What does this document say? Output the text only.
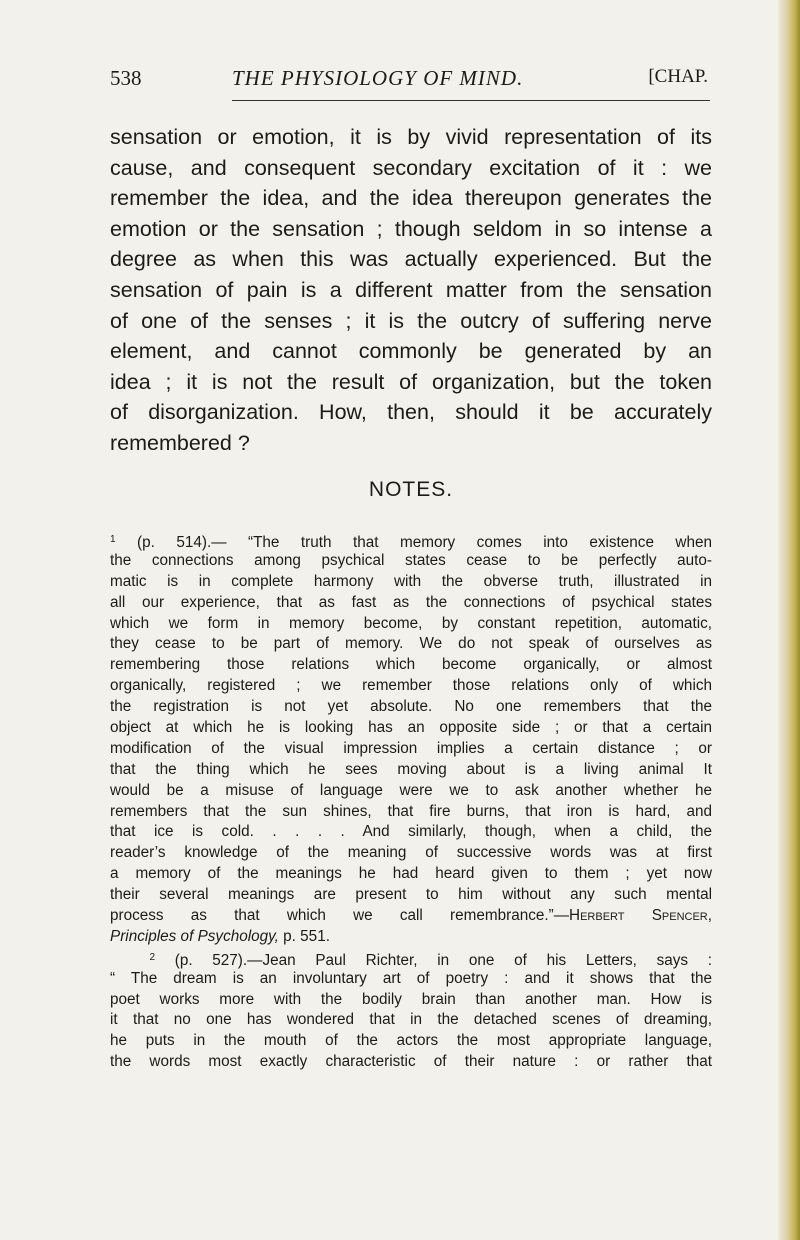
538	THE PHYSIOLOGY OF MIND.	[CHAP.
sensation or emotion, it is by vivid representation of its
cause, and consequent secondary excitation of it : we
remember the idea, and the idea thereupon generates the
emotion or the sensation ; though seldom in so intense a
degree as when this was actually experienced. But the
sensation of pain is a different matter from the sensation
of one of the senses ; it is the outcry of suffering nerve
element, and cannot commonly be generated by an
idea ; it is not the result of organization, but the token
of disorganization. How, then, should it be accurately
remembered ?
NOTES.
$^1$ (p. 514).— “The truth that memory comes into existence when
the connections among psychical states cease to be perfectly auto-
matic is in complete harmony with the obverse truth, illustrated in
all our experience, that as fast as the connections of psychical states
which we form in memory become, by constant repetition, automatic,
they cease to be part of memory. We do not speak of ourselves as
remembering those relations which become organically, or almost
organically, registered ; we remember those relations only of which
the registration is not yet absolute. No one remembers that the
object at which he is looking has an opposite side ; or that a certain
modification of the visual impression implies a certain distance ; or
that the thing which he sees moving about is a living animal It
would be a misuse of language were we to ask another whether he
remembers that the sun shines, that fire burns, that iron is hard, and
that ice is cold. . . . . And similarly, though, when a child, the
reader’s knowledge of the meaning of successive words was at first
a memory of the meanings he had heard given to them ; yet now
their several meanings are present to him without any such mental
process as that which we call remembrance.”—Herbert Spencer,
Principles of Psychology, p. 551.
$^2$ (p. 527).—Jean Paul Richter, in one of his Letters, says :
“ The dream is an involuntary art of poetry : and it shows that the
poet works more with the bodily brain than another man. How is
it that no one has wondered that in the detached scenes of dreaming,
he puts in the mouth of the actors the most appropriate language,
the words most exactly characteristic of their nature : or rather that
